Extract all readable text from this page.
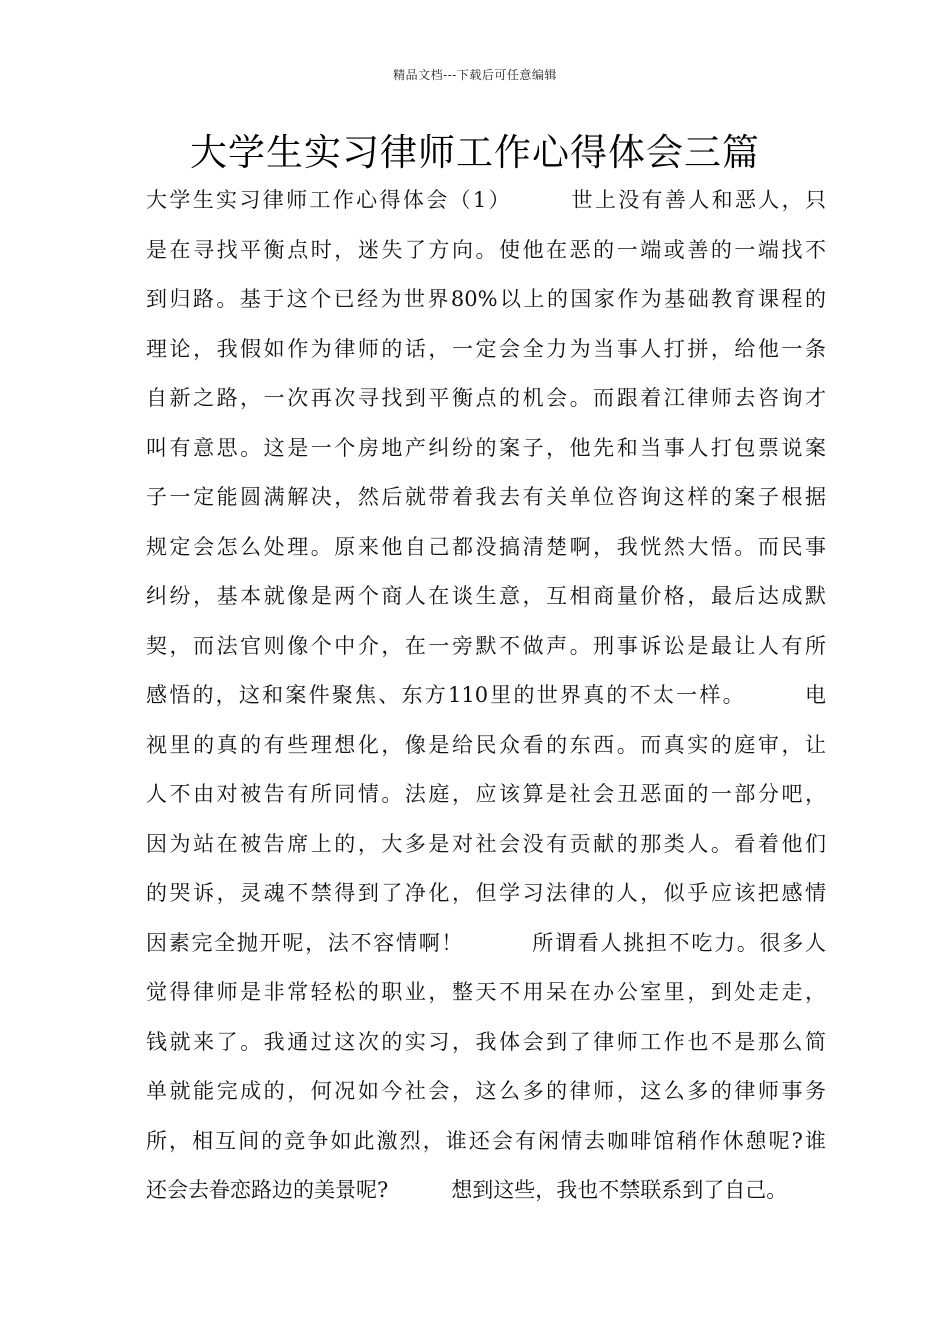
精品文档---下载后可任意编辑
大学生实习律师工作心得体会三篇
大学生实习律师工作心得体会（1）　　　世上没有善人和恶人，只
是在寻找平衡点时，迷失了方向。使他在恶的一端或善的一端找不
到归路。基于这个已经为世界80%以上的国家作为基础教育课程的
理论，我假如作为律师的话，一定会全力为当事人打拼，给他一条
自新之路，一次再次寻找到平衡点的机会。而跟着江律师去咨询才
叫有意思。这是一个房地产纠纷的案子，他先和当事人打包票说案
子一定能圆满解决，然后就带着我去有关单位咨询这样的案子根据
规定会怎么处理。原来他自己都没搞清楚啊，我恍然大悟。而民事
纠纷，基本就像是两个商人在谈生意，互相商量价格，最后达成默
契，而法官则像个中介，在一旁默不做声。刑事诉讼是最让人有所
感悟的，这和案件聚焦、东方110里的世界真的不太一样。　　　电
视里的真的有些理想化，像是给民众看的东西。而真实的庭审，让
人不由对被告有所同情。法庭，应该算是社会丑恶面的一部分吧，
因为站在被告席上的，大多是对社会没有贡献的那类人。看着他们
的哭诉，灵魂不禁得到了净化，但学习法律的人，似乎应该把感情
因素完全抛开呢，法不容情啊！　　　所谓看人挑担不吃力。很多人
觉得律师是非常轻松的职业，整天不用呆在办公室里，到处走走，
钱就来了。我通过这次的实习，我体会到了律师工作也不是那么简
单就能完成的，何况如今社会，这么多的律师，这么多的律师事务
所，相互间的竞争如此激烈，谁还会有闲情去咖啡馆稍作休憩呢?谁
还会去眷恋路边的美景呢?　　　想到这些，我也不禁联系到了自己。
